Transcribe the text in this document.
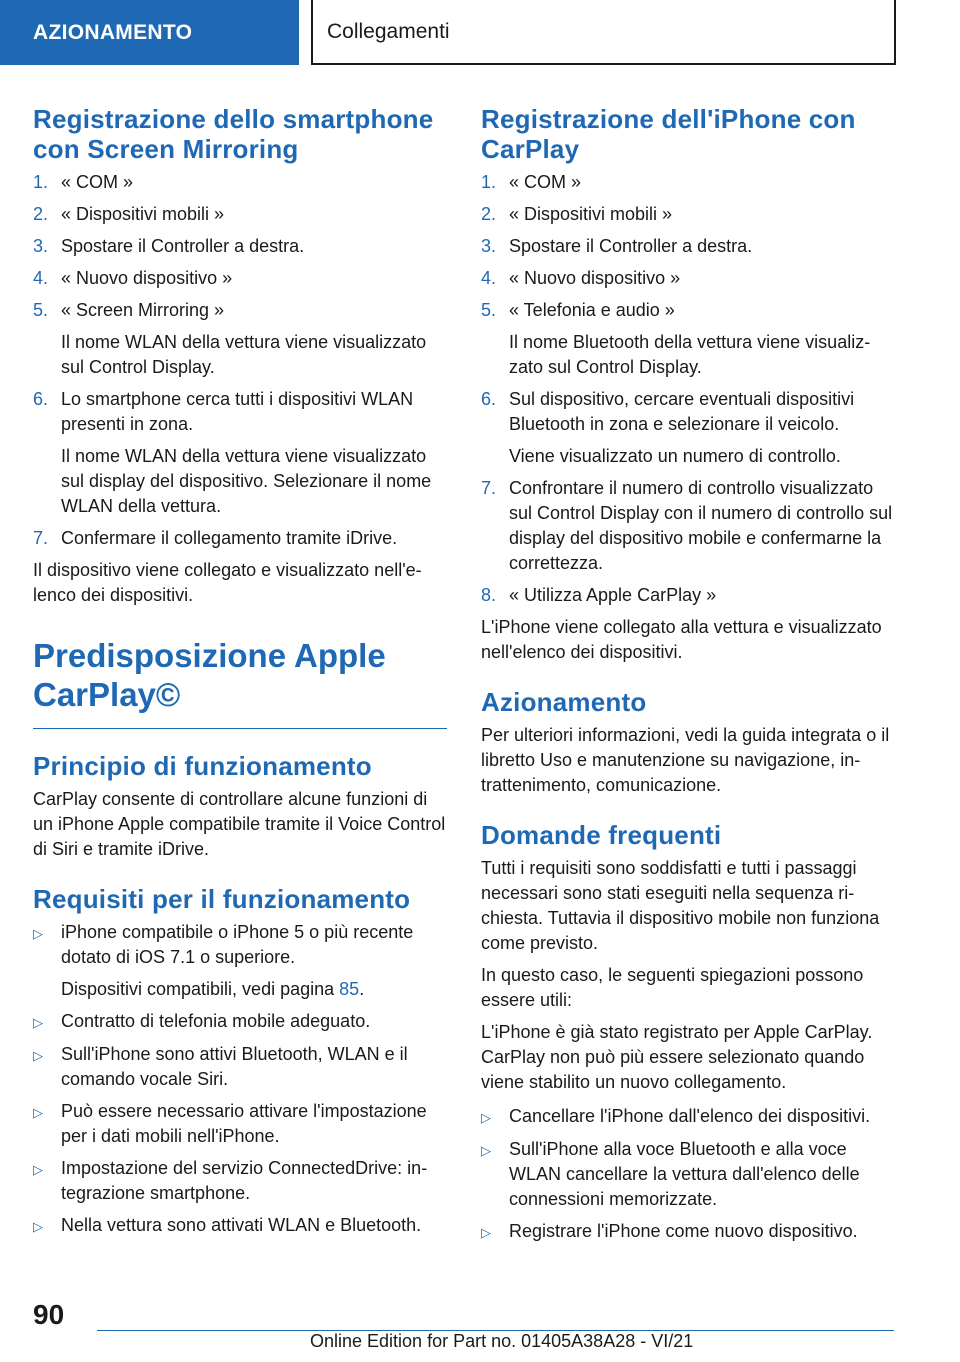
AZIONAMENTO	Collegamenti
Registrazione dello smartphone con Screen Mirroring
1. « COM »
2. « Dispositivi mobili »
3. Spostare il Controller a destra.
4. « Nuovo dispositivo »
5. « Screen Mirroring »
Il nome WLAN della vettura viene visualizzato sul Control Display.
6. Lo smartphone cerca tutti i dispositivi WLAN presenti in zona.
Il nome WLAN della vettura viene visualizzato sul display del dispositivo. Selezionare il nome WLAN della vettura.
7. Confermare il collegamento tramite iDrive.
Il dispositivo viene collegato e visualizzato nell'elenco dei dispositivi.
Predisposizione Apple CarPlay©
Principio di funzionamento
CarPlay consente di controllare alcune funzioni di un iPhone Apple compatibile tramite il Voice Control di Siri e tramite iDrive.
Requisiti per il funzionamento
▷	iPhone compatibile o iPhone 5 o più recente dotato di iOS 7.1 o superiore.
Dispositivi compatibili, vedi pagina 85.
▷	Contratto di telefonia mobile adeguato.
▷	Sull'iPhone sono attivi Bluetooth, WLAN e il comando vocale Siri.
▷	Può essere necessario attivare l'impostazione per i dati mobili nell'iPhone.
▷	Impostazione del servizio ConnectedDrive: integrazione smartphone.
▷	Nella vettura sono attivati WLAN e Bluetooth.
Registrazione dell'iPhone con CarPlay
1. « COM »
2. « Dispositivi mobili »
3. Spostare il Controller a destra.
4. « Nuovo dispositivo »
5. « Telefonia e audio »
Il nome Bluetooth della vettura viene visualizzato sul Control Display.
6. Sul dispositivo, cercare eventuali dispositivi Bluetooth in zona e selezionare il veicolo.
Viene visualizzato un numero di controllo.
7. Confrontare il numero di controllo visualizzato sul Control Display con il numero di controllo sul display del dispositivo mobile e confermarne la correttezza.
8. « Utilizza Apple CarPlay »
L'iPhone viene collegato alla vettura e visualizzato nell'elenco dei dispositivi.
Azionamento
Per ulteriori informazioni, vedi la guida integrata o il libretto Uso e manutenzione su navigazione, intrattenimento, comunicazione.
Domande frequenti
Tutti i requisiti sono soddisfatti e tutti i passaggi necessari sono stati eseguiti nella sequenza richiesta. Tuttavia il dispositivo mobile non funziona come previsto.
In questo caso, le seguenti spiegazioni possono essere utili:
L'iPhone è già stato registrato per Apple CarPlay. CarPlay non può più essere selezionato quando viene stabilito un nuovo collegamento.
▷	Cancellare l'iPhone dall'elenco dei dispositivi.
▷	Sull'iPhone alla voce Bluetooth e alla voce WLAN cancellare la vettura dall'elenco delle connessioni memorizzate.
▷	Registrare l'iPhone come nuovo dispositivo.
90
Online Edition for Part no. 01405A38A28 - VI/21
